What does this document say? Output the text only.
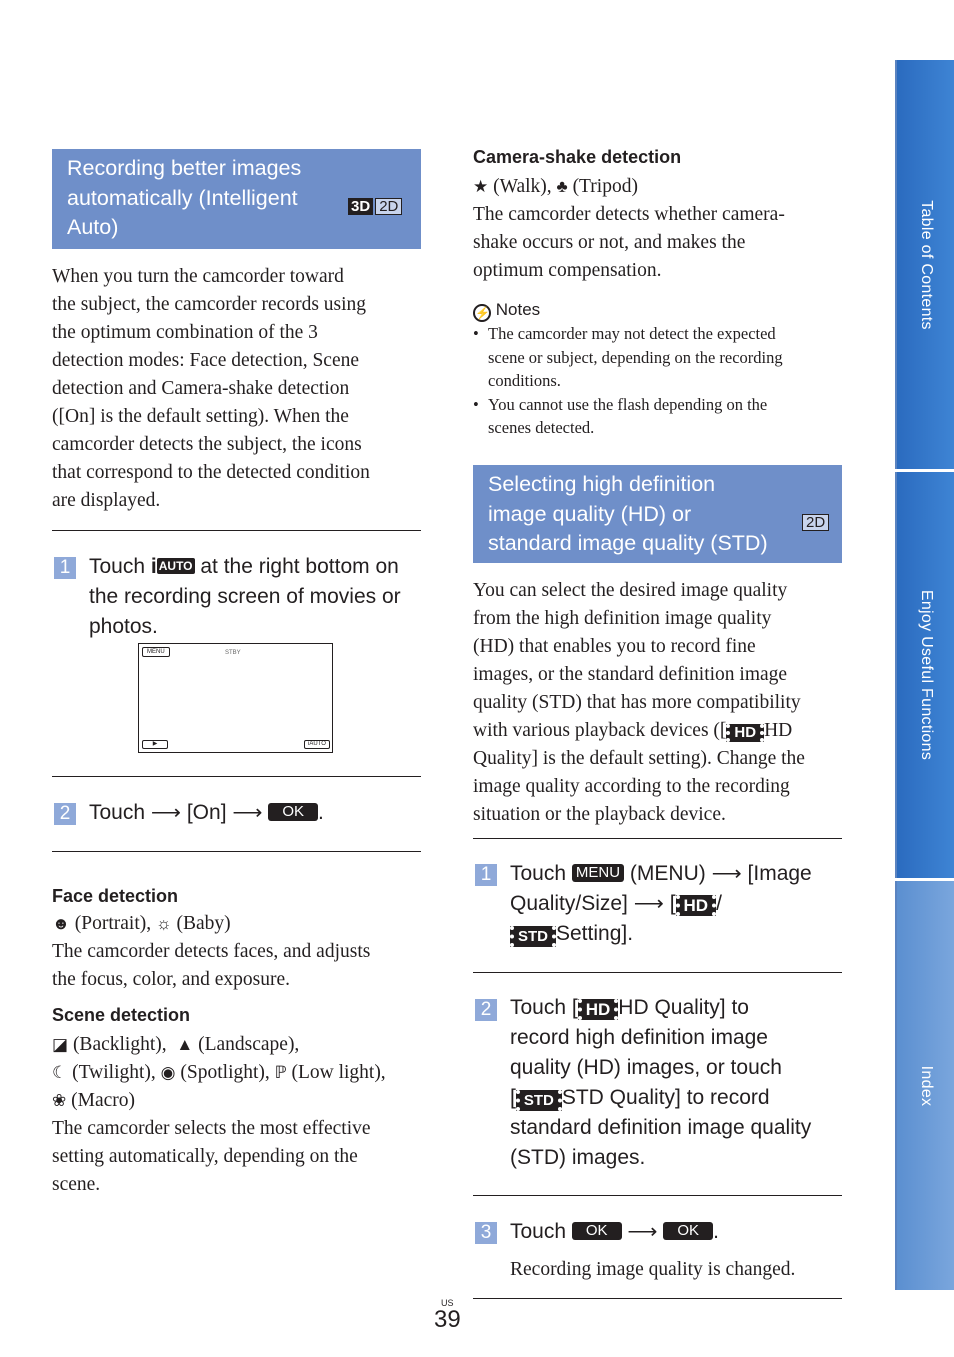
Recording better images
automatically (Intelligent
Auto)
3D 2D
When you turn the camcorder toward
the subject, the camcorder records using
the optimum combination of the 3
detection modes: Face detection, Scene
detection and Camera-shake detection
([On] is the default setting). When the
camcorder detects the subject, the icons
that correspond to the detected condition
are displayed.
1 Touch i AUTO at the right bottom on
the recording screen of movies or
photos.
MENU	STBY
▶	iAUTO
2 Touch ⟶ [On] ⟶ OK .
Face detection
☻ (Portrait), ☼ (Baby)
The camcorder detects faces, and adjusts
the focus, color, and exposure.
Scene detection
◪ (Backlight), ▲ (Landscape),
☾ (Twilight), ◉ (Spotlight), ℙ (Low light),
❀ (Macro)
The camcorder selects the most effective
setting automatically, depending on the
scene.
Camera-shake detection
★ (Walk), ♣ (Tripod)
The camcorder detects whether camera-
shake occurs or not, and makes the
optimum compensation.
⚡ Notes
• The camcorder may not detect the expected
scene or subject, depending on the recording
conditions.
• You cannot use the flash depending on the
scenes detected.
Selecting high definition
image quality (HD) or
standard image quality (STD)
2D
You can select the desired image quality
from the high definition image quality
(HD) that enables you to record fine
images, or the standard definition image
quality (STD) that has more compatibility
with various playback devices ([ HD HD
Quality] is the default setting). Change the
image quality according to the recording
situation or the playback device.
1 Touch MENU (MENU) ⟶ [Image
Quality/Size] ⟶ [ HD /
STD Setting].
2 Touch [ HD HD Quality] to
record high definition image
quality (HD) images, or touch
[ STD STD Quality] to record
standard definition image quality
(STD) images.
3 Touch OK ⟶ OK .
Recording image quality is changed.
US
39
Table of Contents
Enjoy Useful Functions
Index
